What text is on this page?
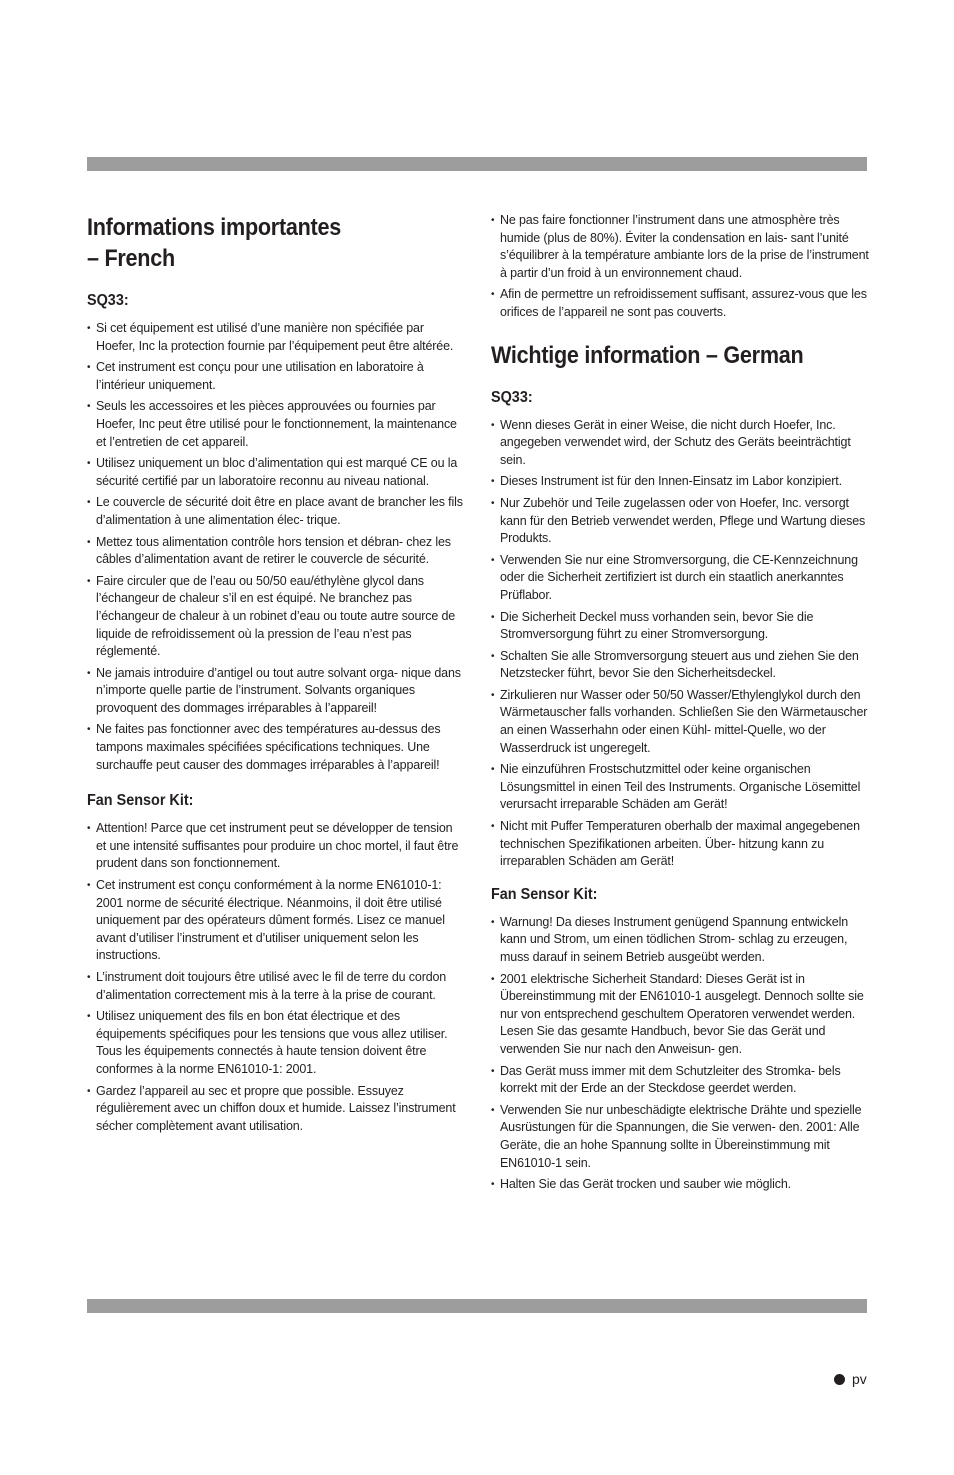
Informations importantes – French
SQ33:
• Si cet équipement est utilisé d’une manière non spécifiée par Hoefer, Inc la protection fournie par l’équipement peut être altérée.
• Cet instrument est conçu pour une utilisation en laboratoire à l’intérieur uniquement.
• Seuls les accessoires et les pièces approuvées ou fournies par Hoefer, Inc peut être utilisé pour le fonctionnement, la maintenance et l’entretien de cet appareil.
• Utilisez uniquement un bloc d’alimentation qui est marqué CE ou la sécurité certifié par un laboratoire reconnu au niveau national.
• Le couvercle de sécurité doit être en place avant de brancher les fils d’alimentation à une alimentation élec- trique.
• Mettez tous alimentation contrôle hors tension et débran- chez les câbles d’alimentation avant de retirer le couvercle de sécurité.
• Faire circuler que de l’eau ou 50/50 eau/éthylène glycol dans l’échangeur de chaleur s’il en est équipé. Ne branchez pas l’échangeur de chaleur à un robinet d’eau ou toute autre source de liquide de refroidissement où la pression de l’eau n’est pas réglementé.
• Ne jamais introduire d’antigel ou tout autre solvant orga- nique dans n’importe quelle partie de l’instrument. Solvants organiques provoquent des dommages irréparables à l’appareil!
• Ne faites pas fonctionner avec des températures au-dessus des tampons maximales spécifiées spécifications techniques. Une surchauffe peut causer des dommages irréparables à l’appareil!
Fan Sensor Kit:
• Attention! Parce que cet instrument peut se développer de tension et une intensité suffisantes pour produire un choc mortel, il faut être prudent dans son fonctionnement.
• Cet instrument est conçu conformément à la norme EN61010-1: 2001 norme de sécurité électrique. Néanmoins, il doit être utilisé uniquement par des opérateurs dûment formés. Lisez ce manuel avant d’utiliser l’instrument et d’utiliser uniquement selon les instructions.
• L’instrument doit toujours être utilisé avec le fil de terre du cordon d’alimentation correctement mis à la terre à la prise de courant.
• Utilisez uniquement des fils en bon état électrique et des équipements spécifiques pour les tensions que vous allez utiliser. Tous les équipements connectés à haute tension doivent être conformes à la norme EN61010-1: 2001.
• Gardez l’appareil au sec et propre que possible. Essuyez régulièrement avec un chiffon doux et humide. Laissez l’instrument sécher complètement avant utilisation.
• Ne pas faire fonctionner l’instrument dans une atmosphère très humide (plus de 80%). Éviter la condensation en lais- sant l’unité s’équilibrer à la température ambiante lors de la prise de l’instrument à partir d’un froid à un environnement chaud.
• Afin de permettre un refroidissement suffisant, assurez-vous que les orifices de l’appareil ne sont pas couverts.
Wichtige information – German
SQ33:
• Wenn dieses Gerät in einer Weise, die nicht durch Hoefer, Inc. angegeben verwendet wird, der Schutz des Geräts beeinträchtigt sein.
• Dieses Instrument ist für den Innen-Einsatz im Labor konzipiert.
• Nur Zubehör und Teile zugelassen oder von Hoefer, Inc. versorgt kann für den Betrieb verwendet werden, Pflege und Wartung dieses Produkts.
• Verwenden Sie nur eine Stromversorgung, die CE-Kennzeichnung oder die Sicherheit zertifiziert ist durch ein staatlich anerkanntes Prüflabor.
• Die Sicherheit Deckel muss vorhanden sein, bevor Sie die Stromversorgung führt zu einer Stromversorgung.
• Schalten Sie alle Stromversorgung steuert aus und ziehen Sie den Netzstecker führt, bevor Sie den Sicherheitsdeckel.
• Zirkulieren nur Wasser oder 50/50 Wasser/Ethylenglykol durch den Wärmetauscher falls vorhanden. Schließen Sie den Wärmetauscher an einen Wasserhahn oder einen Kühl- mittel-Quelle, wo der Wasserdruck ist ungeregelt.
• Nie einzuführen Frostschutzmittel oder keine organischen Lösungsmittel in einen Teil des Instruments. Organische Lösemittel verursacht irreparable Schäden am Gerät!
• Nicht mit Puffer Temperaturen oberhalb der maximal angegebenen technischen Spezifikationen arbeiten. Über- hitzung kann zu irreparablen Schäden am Gerät!
Fan Sensor Kit:
• Warnung! Da dieses Instrument genügend Spannung entwickeln kann und Strom, um einen tödlichen Strom- schlag zu erzeugen, muss darauf in seinem Betrieb ausgeübt werden.
• 2001 elektrische Sicherheit Standard: Dieses Gerät ist in Übereinstimmung mit der EN61010-1 ausgelegt. Dennoch sollte sie nur von entsprechend geschultem Operatoren verwendet werden. Lesen Sie das gesamte Handbuch, bevor Sie das Gerät und verwenden Sie nur nach den Anweisun- gen.
• Das Gerät muss immer mit dem Schutzleiter des Stromka- bels korrekt mit der Erde an der Steckdose geerdet werden.
• Verwenden Sie nur unbeschädigte elektrische Drähte und spezielle Ausrüstungen für die Spannungen, die Sie verwen- den. 2001: Alle Geräte, die an hohe Spannung sollte in Übereinstimmung mit EN61010-1 sein.
• Halten Sie das Gerät trocken und sauber wie möglich.
pv
